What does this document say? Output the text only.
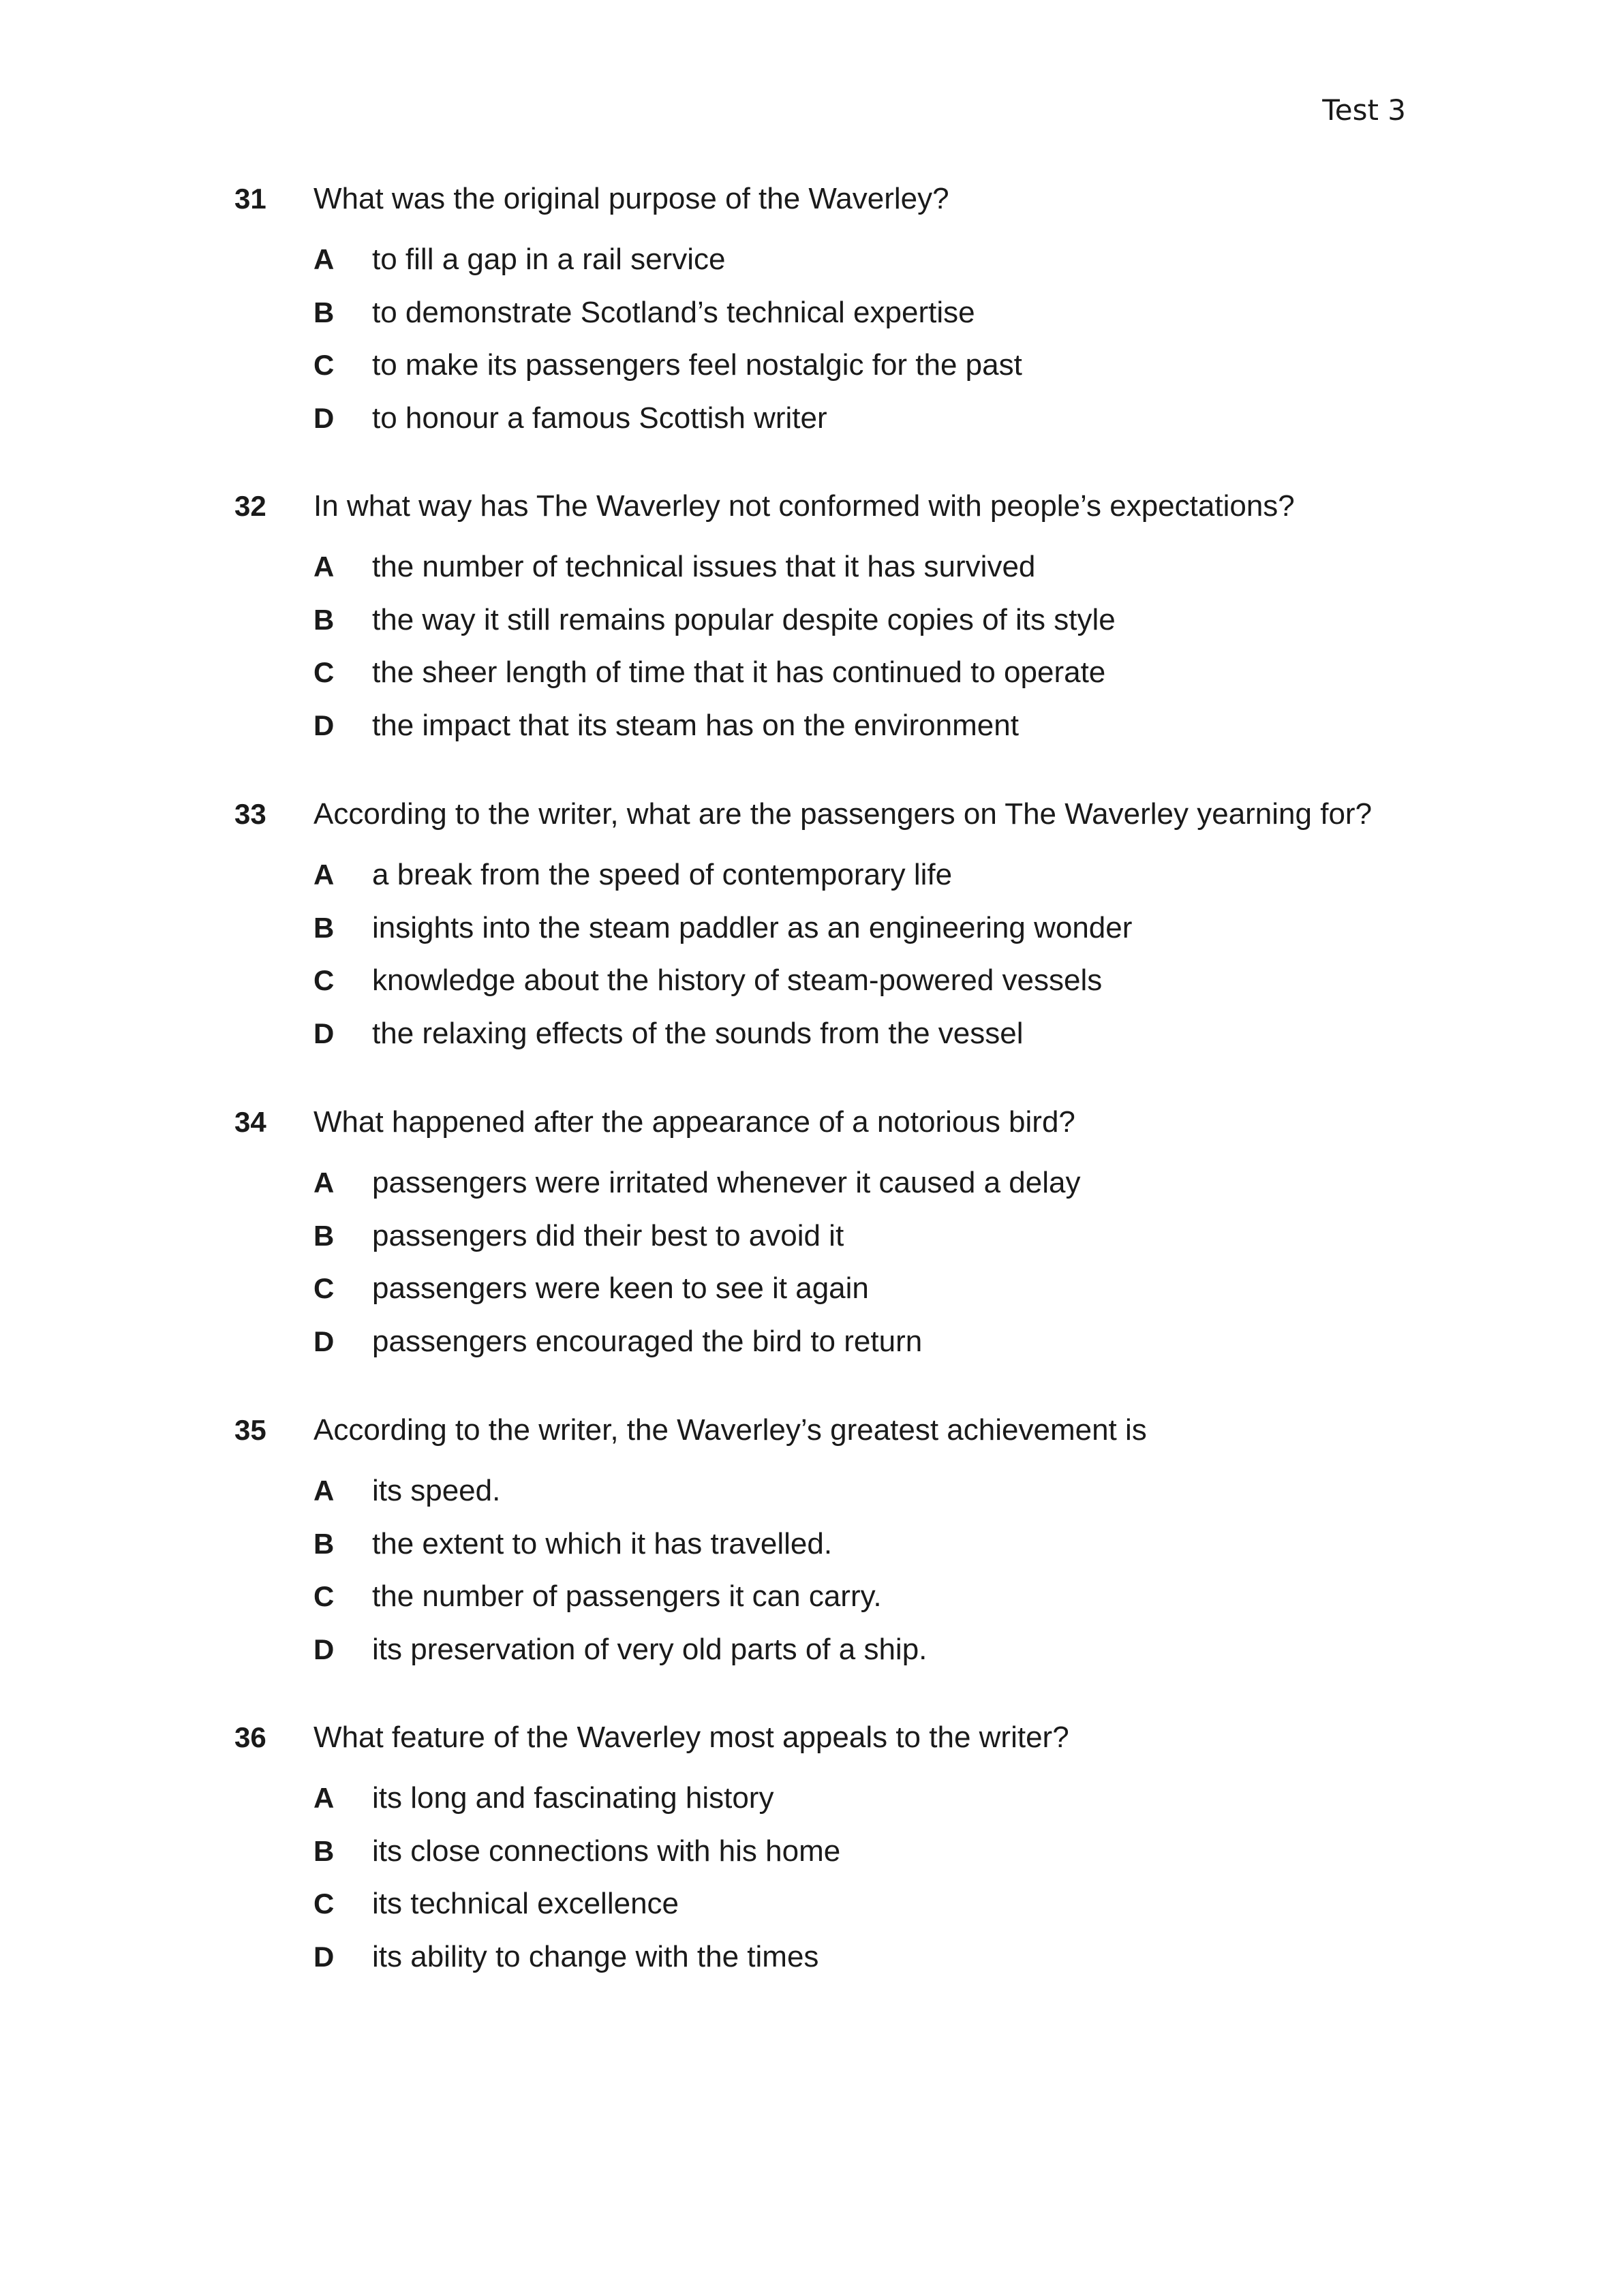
Test 3
31 What was the original purpose of the Waverley?
A to fill a gap in a rail service
B to demonstrate Scotland’s technical expertise
C to make its passengers feel nostalgic for the past
D to honour a famous Scottish writer
32 In what way has The Waverley not conformed with people’s expectations?
A the number of technical issues that it has survived
B the way it still remains popular despite copies of its style
C the sheer length of time that it has continued to operate
D the impact that its steam has on the environment
33 According to the writer, what are the passengers on The Waverley yearning for?
A a break from the speed of contemporary life
B insights into the steam paddler as an engineering wonder
C knowledge about the history of steam-powered vessels
D the relaxing effects of the sounds from the vessel
34 What happened after the appearance of a notorious bird?
A passengers were irritated whenever it caused a delay
B passengers did their best to avoid it
C passengers were keen to see it again
D passengers encouraged the bird to return
35 According to the writer, the Waverley’s greatest achievement is
A its speed.
B the extent to which it has travelled.
C the number of passengers it can carry.
D its preservation of very old parts of a ship.
36 What feature of the Waverley most appeals to the writer?
A its long and fascinating history
B its close connections with his home
C its technical excellence
D its ability to change with the times
